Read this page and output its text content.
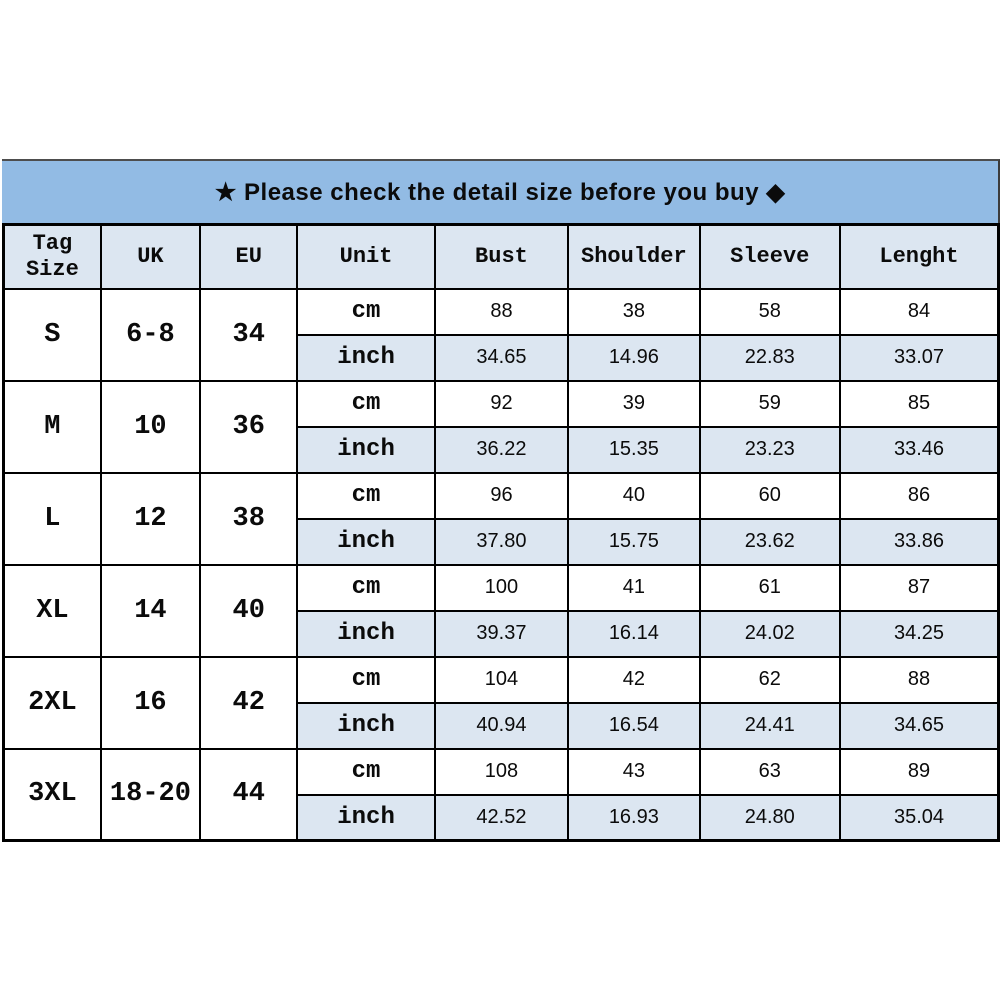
★ Please check the detail size before you buy ◆
Tag Size	UK	EU	Unit	Bust	Shoulder	Sleeve	Lenght
S	6-8	34	cm	88	38	58	84
			inch	34.65	14.96	22.83	33.07
M	10	36	cm	92	39	59	85
			inch	36.22	15.35	23.23	33.46
L	12	38	cm	96	40	60	86
			inch	37.80	15.75	23.62	33.86
XL	14	40	cm	100	41	61	87
			inch	39.37	16.14	24.02	34.25
2XL	16	42	cm	104	42	62	88
			inch	40.94	16.54	24.41	34.65
3XL	18-20	44	cm	108	43	63	89
			inch	42.52	16.93	24.80	35.04
